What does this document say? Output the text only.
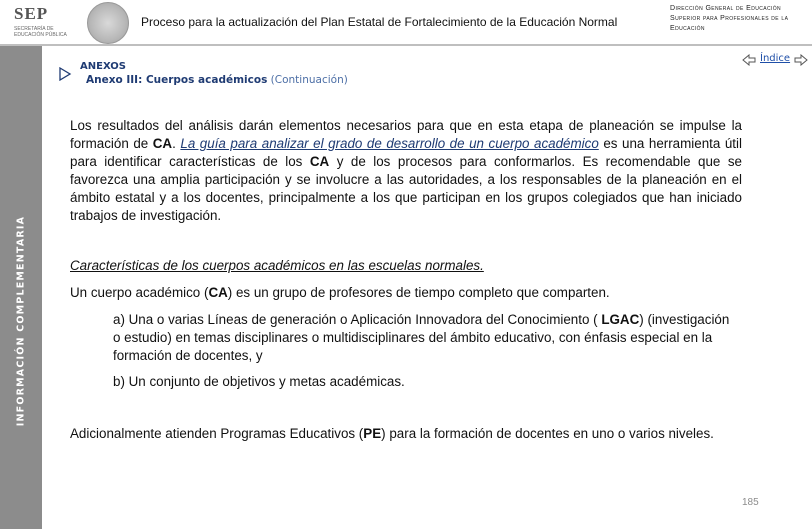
SEP
SECRETARÍA DE EDUCACIÓN PÚBLICA
Proceso para la actualización del Plan Estatal de Fortalecimiento de la Educación Normal
Dirección General de Educación Superior para Profesionales de la Educación
INFORMACIÓN COMPLEMENTARIA
ANEXOS
Anexo III: Cuerpos académicos (Continuación)
Índice
Los resultados del análisis darán elementos necesarios para que en esta etapa de planeación se impulse la formación de CA. La guía para analizar el grado de desarrollo de un cuerpo académico es una herramienta útil para identificar características de los CA y de los procesos para conformarlos. Es recomendable que se favorezca una amplia participación y se involucre a las autoridades, a los responsables de la planeación en el ámbito estatal y a los docentes, principalmente a los que participan en los grupos colegiados que han iniciado trabajos de investigación.
Características de los cuerpos académicos en las escuelas normales.
Un cuerpo académico (CA) es un grupo de profesores de tiempo completo que comparten.
a) Una o varias Líneas de generación o Aplicación Innovadora del Conocimiento ( LGAC) (investigación o estudio) en temas disciplinares o multidisciplinares del ámbito educativo, con énfasis especial en la formación de docentes, y
b) Un conjunto de objetivos y metas académicas.
Adicionalmente atienden Programas Educativos (PE) para la formación de docentes en uno o varios niveles.
185
